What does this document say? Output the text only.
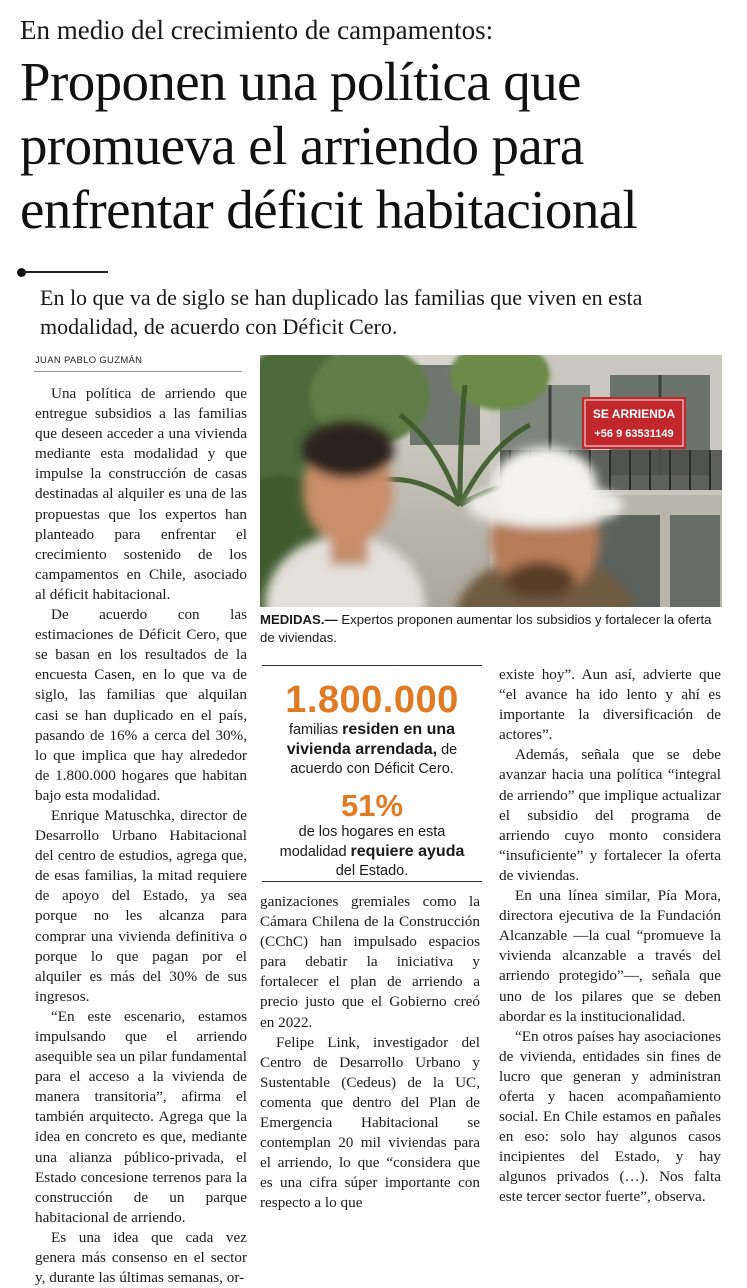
En medio del crecimiento de campamentos:
Proponen una política que promueva el arriendo para enfrentar déficit habitacional
En lo que va de siglo se han duplicado las familias que viven en esta modalidad, de acuerdo con Déficit Cero.
JUAN PABLO GUZMÁN

Una política de arriendo que entregue subsidios a las familias que deseen acceder a una vivienda mediante esta modalidad y que impulse la construcción de casas destinadas al alquiler es una de las propuestas que los expertos han planteado para enfrentar el crecimiento sostenido de los campamentos en Chile, asociado al déficit habitacional.

De acuerdo con las estimaciones de Déficit Cero, que se basan en los resultados de la encuesta Casen, en lo que va de siglo, las familias que alquilan casi se han duplicado en el país, pasando de 16% a cerca del 30%, lo que implica que hay alrededor de 1.800.000 hogares que habitan bajo esta modalidad.

Enrique Matuschka, director de Desarrollo Urbano Habitacional del centro de estudios, agrega que, de esas familias, la mitad requiere de apoyo del Estado, ya sea porque no les alcanza para comprar una vivienda definitiva o porque lo que pagan por el alquiler es más del 30% de sus ingresos.

“En este escenario, estamos impulsando que el arriendo asequible sea un pilar fundamental para el acceso a la vivienda de manera transitoria”, afirma el también arquitecto. Agrega que la idea en concreto es que, mediante una alianza público-privada, el Estado concesione terrenos para la construcción de un parque habitacional de arriendo.

Es una idea que cada vez genera más consenso en el sector y, durante las últimas semanas, or-

SE ARRIENDA
+56 9 63531149
MEDIDAS.— Expertos proponen aumentar los subsidios y fortalecer la oferta de viviendas.
1.800.000
familias residen en una vivienda arrendada, de acuerdo con Déficit Cero.
51%
de los hogares en esta modalidad requiere ayuda del Estado.

ganizaciones gremiales como la Cámara Chilena de la Construcción (CChC) han impulsado espacios para debatir la iniciativa y fortalecer el plan de arriendo a precio justo que el Gobierno creó en 2022.

Felipe Link, investigador del Centro de Desarrollo Urbano y Sustentable (Cedeus) de la UC, comenta que dentro del Plan de Emergencia Habitacional se contemplan 20 mil viviendas para el arriendo, lo que “considera que es una cifra súper importante con respecto a lo que

existe hoy”. Aun así, advierte que “el avance ha ido lento y ahí es importante la diversificación de actores”.

Además, señala que se debe avanzar hacia una política “integral de arriendo” que implique actualizar el subsidio del programa de arriendo cuyo monto considera “insuficiente” y fortalecer la oferta de viviendas.

En una línea similar, Pía Mora, directora ejecutiva de la Fundación Alcanzable —la cual “promueve la vivienda alcanzable a través del arriendo protegido”—, señala que uno de los pilares que se deben abordar es la institucionalidad.

“En otros países hay asociaciones de vivienda, entidades sin fines de lucro que generan y administran oferta y hacen acompañamiento social. En Chile estamos en pañales en eso: solo hay algunos casos incipientes del Estado, y hay algunos privados (…). Nos falta este tercer sector fuerte”, observa.
